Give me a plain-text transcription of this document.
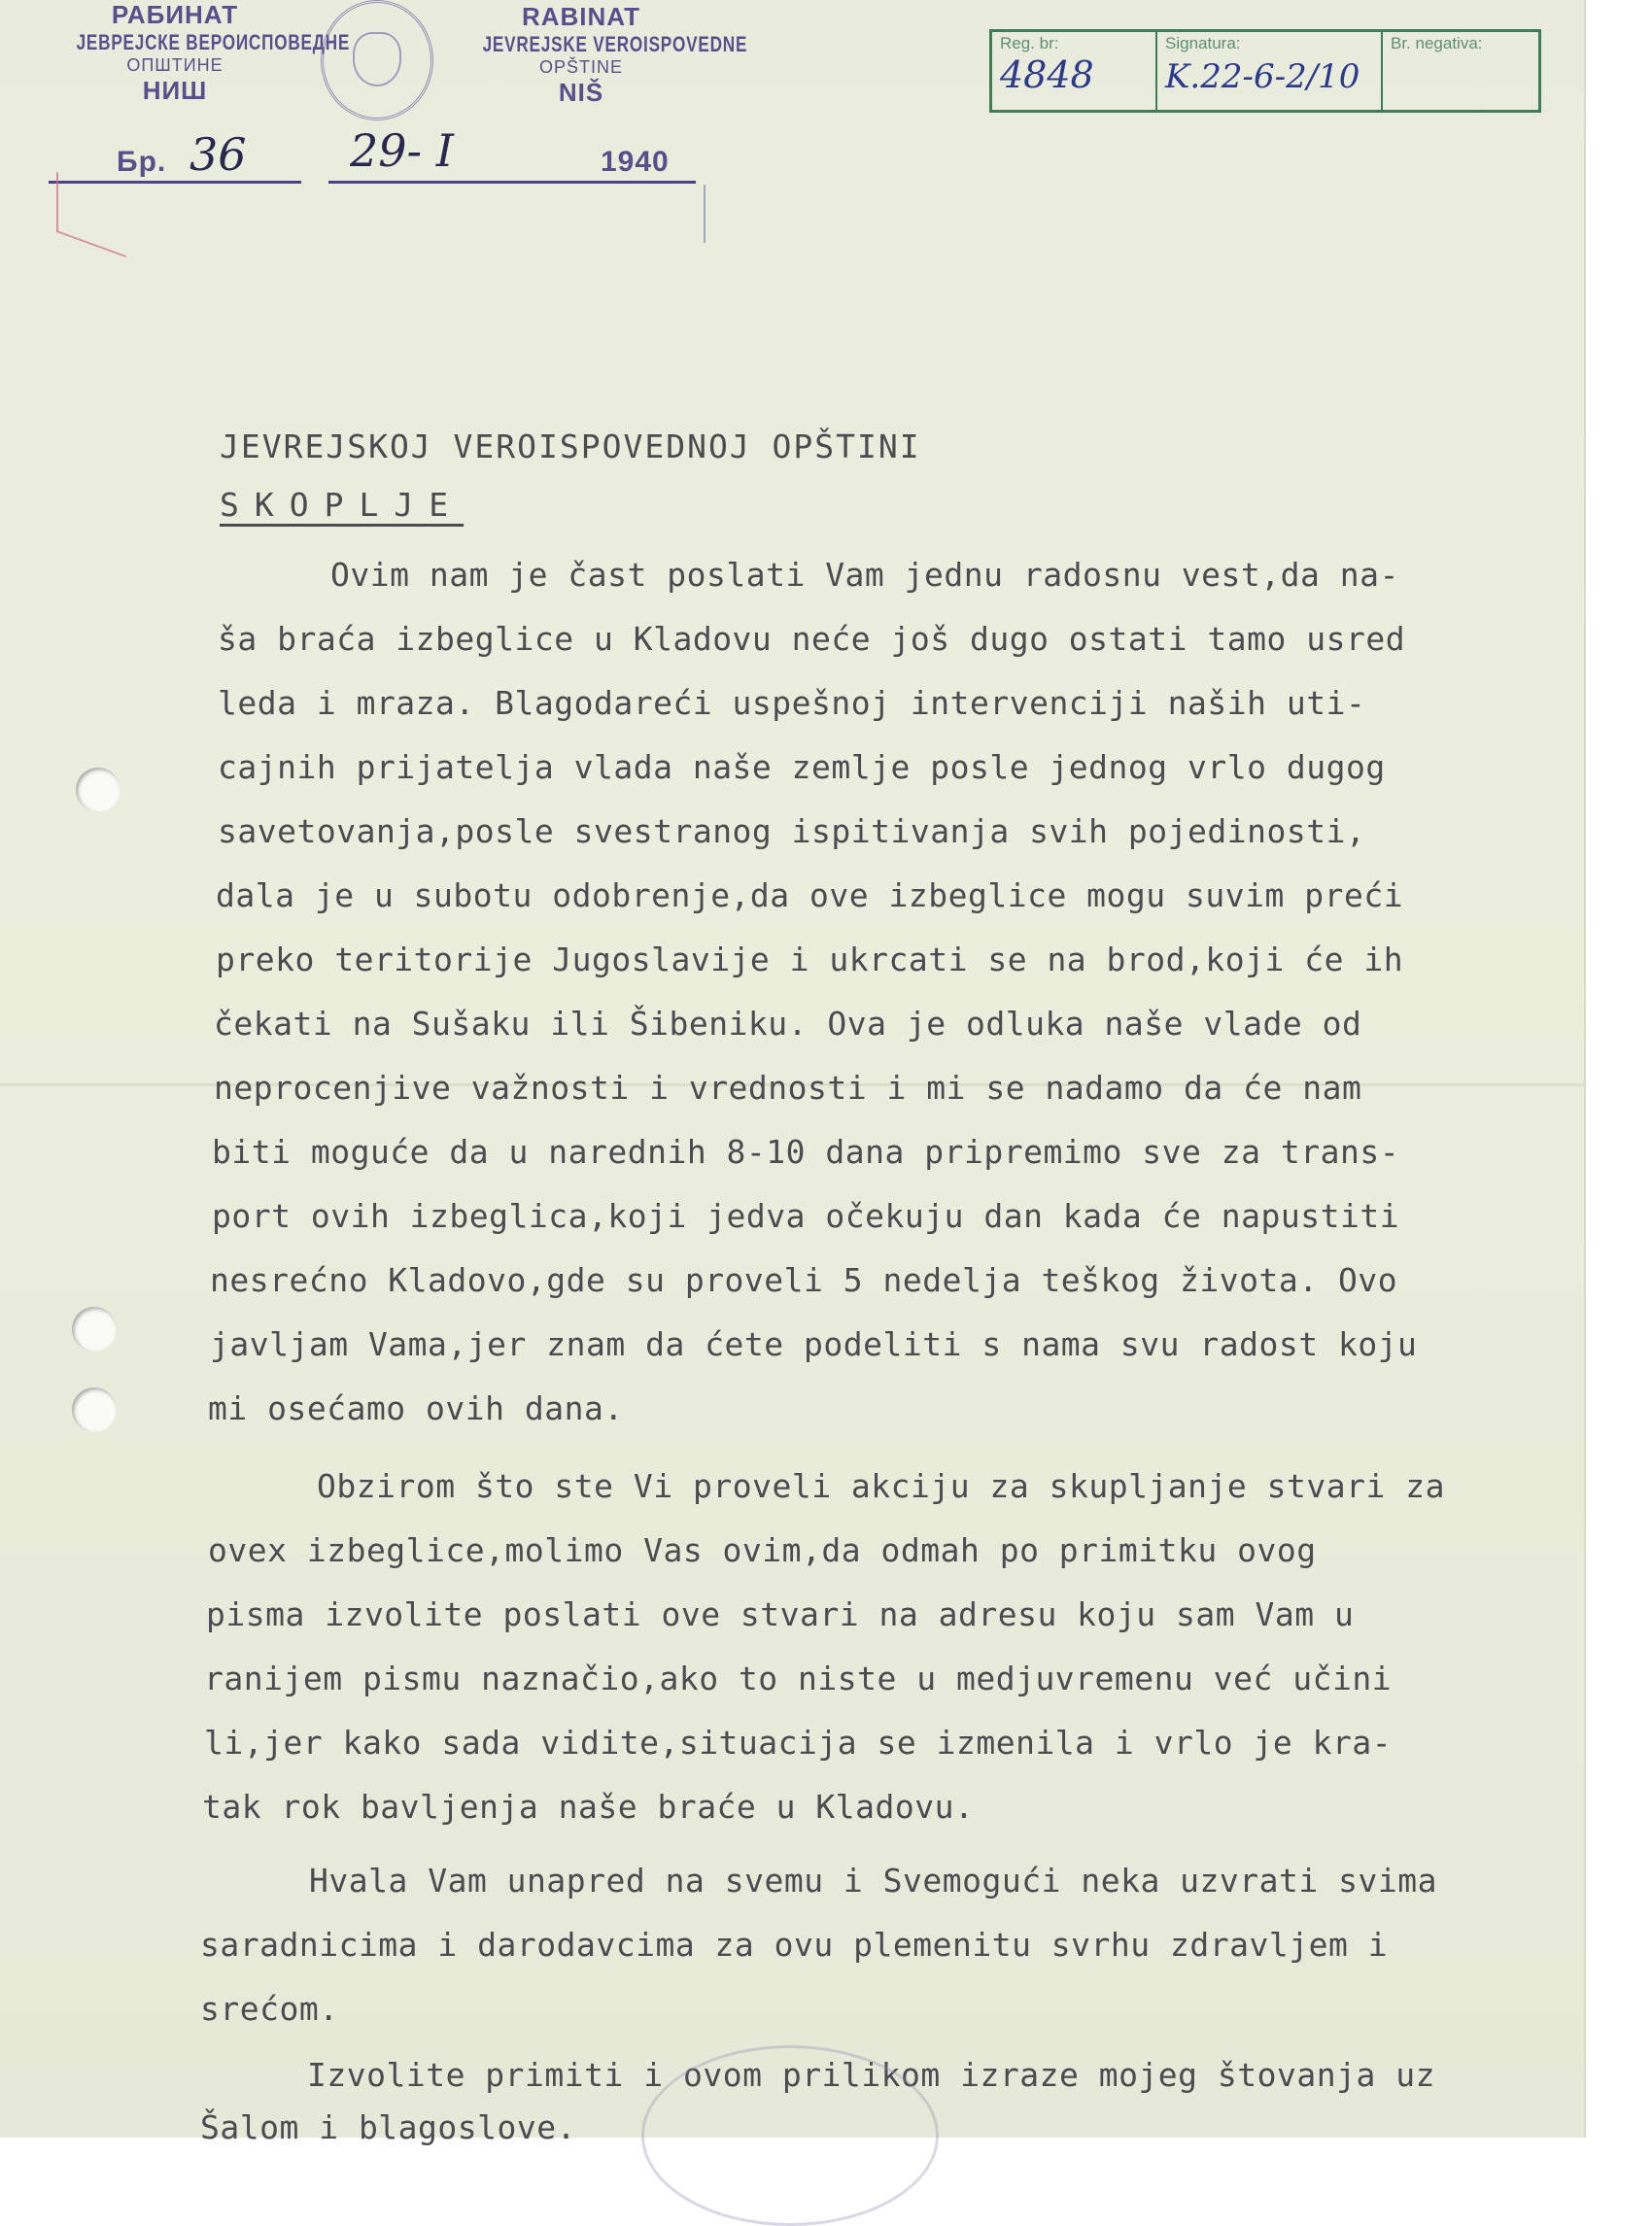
РАБИНАТ
ЈЕВРЕЈСКЕ ВЕРОИСПОВЕДНЕ
ОПШТИНЕ
НИШ
RABINAT
JEVREJSKE VEROISPOVEDNE
OPŠTINE
NIŠ
Бр. 36 29- I	1940
Reg. br:
4848
Signatura:
K.22-6-2/10
Br. negativa:
JEVREJSKOJ VEROISPOVEDNOJ OPŠTINI
SKOPLJE
Ovim nam je čast poslati Vam jednu radosnu vest,da na-
ša braća izbeglice u Kladovu neće još dugo ostati tamo usred
leda i mraza. Blagodareći uspešnoj intervenciji naših uti-
cajnih prijatelja vlada naše zemlje posle jednog vrlo dugog
savetovanja,posle svestranog ispitivanja svih pojedinosti,
dala je u subotu odobrenje,da ove izbeglice mogu suvim preći
preko teritorije Jugoslavije i ukrcati se na brod,koji će ih
čekati na Sušaku ili Šibeniku. Ova je odluka naše vlade od
neprocenjive važnosti i vrednosti i mi se nadamo da će nam
biti moguće da u narednih 8-10 dana pripremimo sve za trans-
port ovih izbeglica,koji jedva očekuju dan kada će napustiti
nesrećno Kladovo,gde su proveli 5 nedelja teškog života. Ovo
javljam Vama,jer znam da ćete podeliti s nama svu radost koju
mi osećamo ovih dana.
Obzirom što ste Vi proveli akciju za skupljanje stvari za
ovex izbeglice,molimo Vas ovim,da odmah po primitku ovog
pisma izvolite poslati ove stvari na adresu koju sam Vam u
ranijem pismu naznačio,ako to niste u medjuvremenu već učini
li,jer kako sada vidite,situacija se izmenila i vrlo je kra-
tak rok bavljenja naše braće u Kladovu.
Hvala Vam unapred na svemu i Svemogući neka uzvrati svima
saradnicima i darodavcima za ovu plemenitu svrhu zdravljem i
srećom.
Izvolite primiti i ovom prilikom izraze mojeg štovanja uz
Šalom i blagoslove.
